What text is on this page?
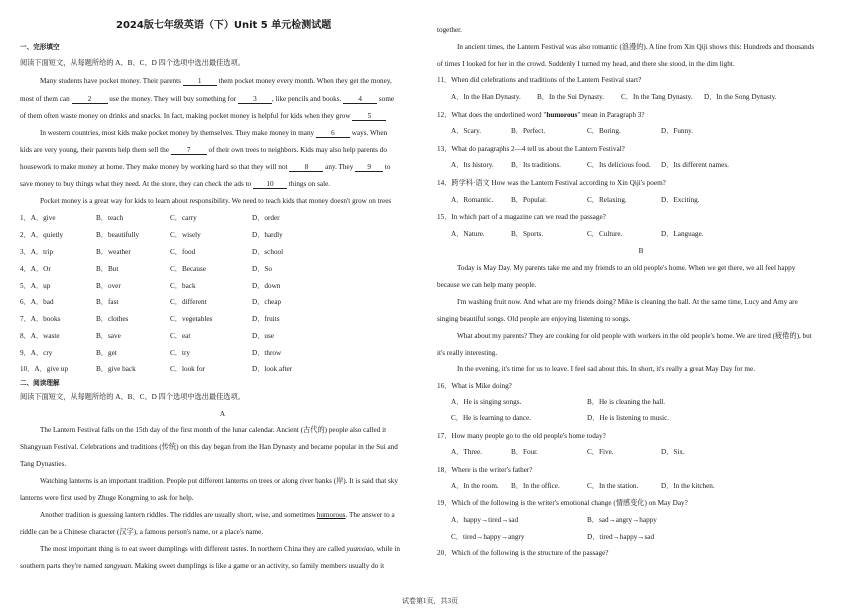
2024版七年级英语（下）Unit 5 单元检测试题
一、完形填空
阅读下面短文，从每题所给的 A、B、C、D 四个选项中选出最佳选项。
Many students have pocket money. Their parents 1 them pocket money every month. When they get the money,
most of them can	2	use the money. They will buy something for 3 , like pencils and books. 4 some
of them often waste money on drinks and snacks. In fact, making pocket money is helpful for kids when they grow 5
In western countries, most kids make pocket money by themselves. They make money in many 6 ways. When
kids are very young, their parents help them sell the	7	of their own trees to neighbors. Kids may also help parents do
housework to make money at home. They make money by working hard so that they will not 8 any. They 9 to
save money to buy things what they need. At the store, they can check the ads to 10 things on sale.
Pocket money is a great way for kids to learn about responsibility. We need to teach kids that money doesn't grow on trees
1．A．give	B．teach	C．carry	D．order
2．A．quietly	B．beautifully	C．wisely	D．hardly
3．A．trip	B．weather	C．food	D．school
4．A．Or	B．But	C．Because	D．So
5．A．up	B．over	C．back	D．down
6．A．bad	B．fast	C．different	D．cheap
7．A．books	B．clothes	C．vegetables	D．fruits
8．A．waste	B．save	C．eat	D．use
9．A．cry	B．get	C．try	D．throw
10．A．give up	B．give back	C．look for	D．look after
二、阅读理解
阅读下面短文，从每题所给的 A、B、C、D 四个选项中选出最佳选项。
A
The Lantern Festival falls on the 15th day of the first month of the lunar calendar. Ancient (古代的) people also called it
Shangyuan Festival. Celebrations and traditions (传统) on this day began from the Han Dynasty and became popular in the Sui and
Tang Dynasties.
Watching lanterns is an important tradition. People put different lanterns on trees or along river banks (岸). It is said that sky
lanterns were first used by Zhuge Kongming to ask for help.
Another tradition is guessing lantern riddles. The riddles are usually short, wise, and sometimes humorous. The answer to a
riddle can be a Chinese character (汉字), a famous person's name, or a place's name.
The most important thing is to eat sweet dumplings with different tastes. In northern China they are called yuanxiao, while in
southern parts they're named tangyuan. Making sweet dumplings is like a game or an activity, so family members usually do it
together.
In ancient times, the Lantern Festival was also romantic (浪漫的). A line from Xin Qiji shows this: Hundreds and thousands
of times I looked for her in the crowd. Suddenly I turned my head, and there she stood, in the dim light.
11．When did celebrations and traditions of the Lantern Festival start?
A．In the Han Dynasty. B．In the Sui Dynasty. C．In the Tang Dynasty. D．In the Song Dynasty.
12．What does the underlined word "humorous" mean in Paragraph 3?
A．Scary.	B．Perfect.	C．Boring.	D．Funny.
13．What do paragraphs 2—4 tell us about the Lantern Festival?
A．Its history. B．Its traditions.	C．Its delicious food. D．Its different names.
14．跨学科·语文 How was the Lantern Festival according to Xin Qiji's poem?
A．Romantic. B．Popular.	C．Relaxing.	D．Exciting.
15．In which part of a magazine can we read the passage?
A．Nature.	B．Sports.	C．Culture.	D．Language.
B
Today is May Day. My parents take me and my friends to an old people's home. When we get there, we all feel happy
because we can help many people.
I'm washing fruit now. And what are my friends doing? Mike is cleaning the hall. At the same time, Lucy and Amy are
singing beautiful songs. Old people are enjoying listening to songs.
What about my parents? They are cooking for old people with workers in the old people's home. We are tired (疲倦的), but
it's really interesting.
In the evening, it's time for us to leave. I feel sad about this. In short, it's really a great May Day for me.
16．What is Mike doing?
A．He is singing songs.	B．He is cleaning the hall.
C．He is learning to dance.	D．He is listening to music.
17．How many people go to the old people's home today?
A．Three.	B．Four.	C．Five.	D．Six.
18．Where is the writer's father?
A．In the room. B．In the office.	C．In the station.	D．In the kitchen.
19．Which of the following is the writer's emotional change (情感变化) on May Day?
A．happy→tired→sad	B．sad→angry→happy
C．tired→happy→angry	D．tired→happy→sad
20．Which of the following is the structure of the passage?
试卷第1页，共3页
